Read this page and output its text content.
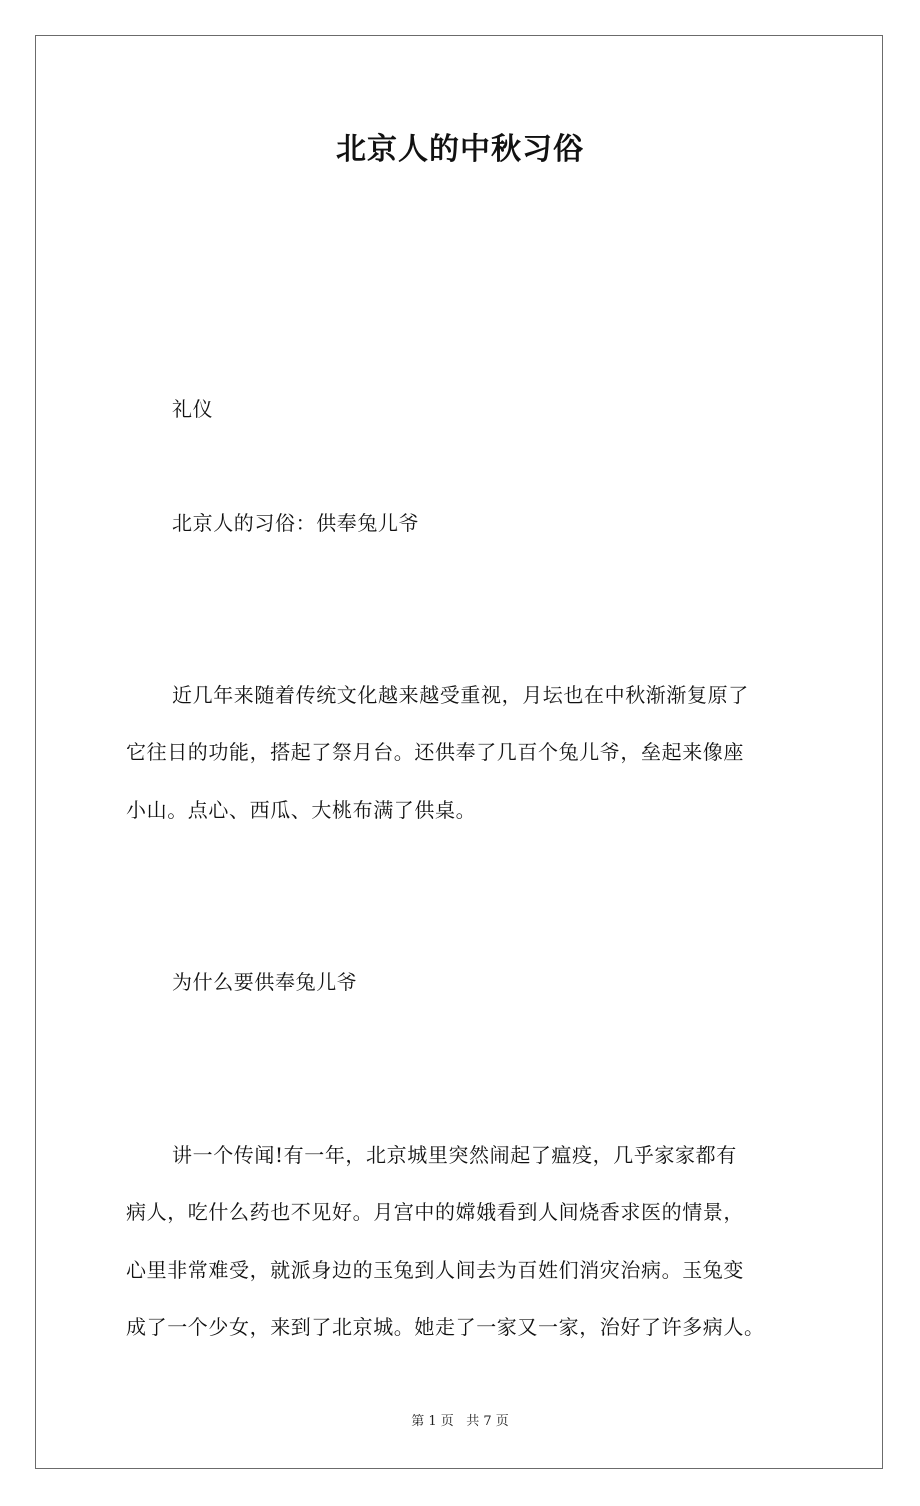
北京人的中秋习俗
礼仪
北京人的习俗：供奉兔儿爷
近几年来随着传统文化越来越受重视，月坛也在中秋渐渐复原了
它往日的功能，搭起了祭月台。还供奉了几百个兔儿爷，垒起来像座
小山。点心、西瓜、大桃布满了供桌。
为什么要供奉兔儿爷
讲一个传闻!有一年，北京城里突然闹起了瘟疫，几乎家家都有
病人，吃什么药也不见好。月宫中的嫦娥看到人间烧香求医的情景，
心里非常难受，就派身边的玉兔到人间去为百姓们消灾治病。玉兔变
成了一个少女，来到了北京城。她走了一家又一家，治好了许多病人。
第 1 页   共 7 页
